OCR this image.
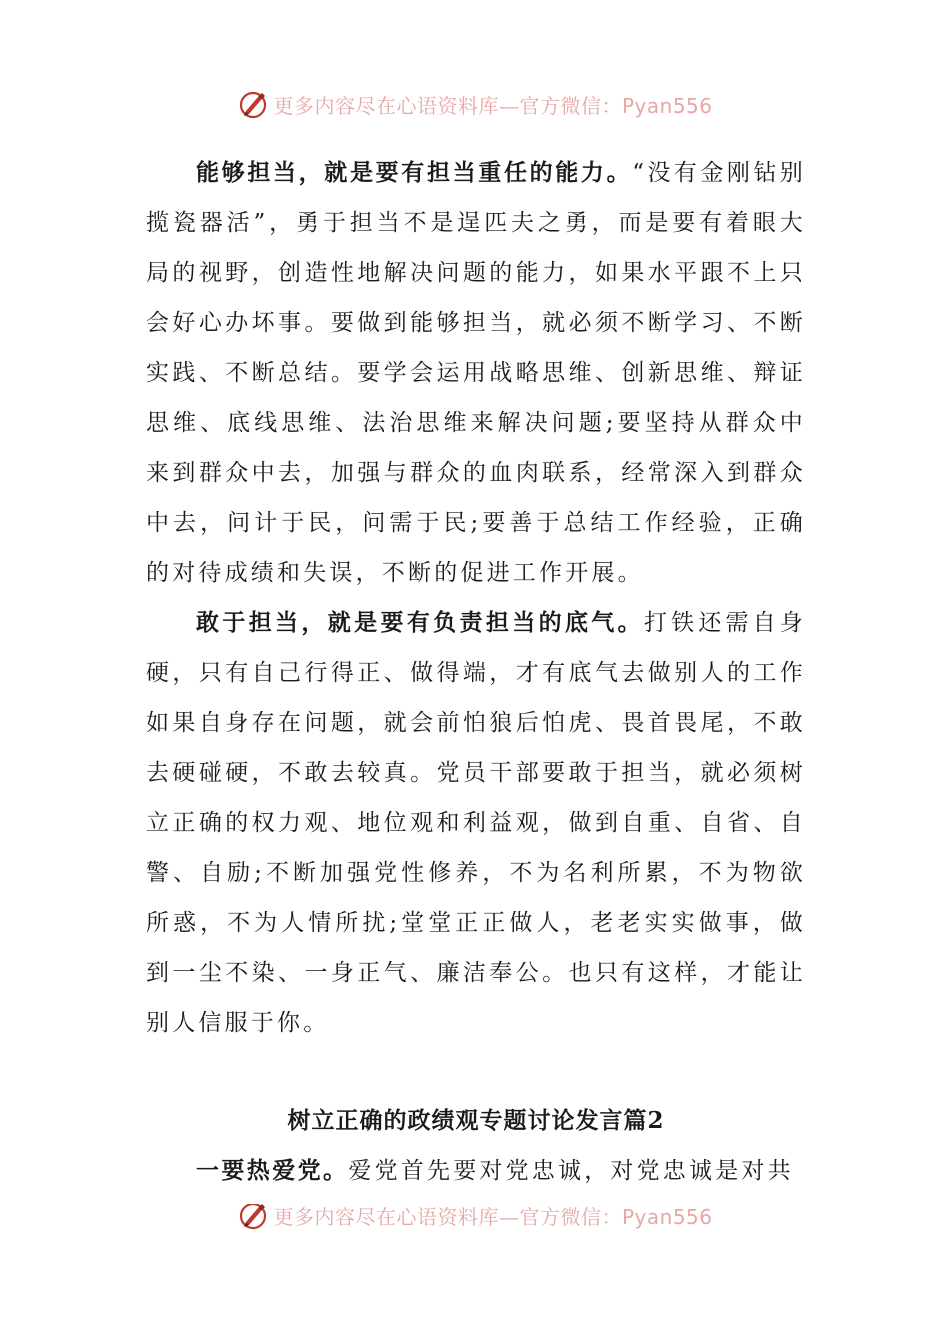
更多内容尽在心语资料库—官方微信：Pyan556

能够担当，就是要有担当重任的能力。“没有金刚钻别揽瓷器活”，勇于担当不是逞匹夫之勇，而是要有着眼大局的视野，创造性地解决问题的能力，如果水平跟不上只会好心办坏事。要做到能够担当，就必须不断学习、不断实践、不断总结。要学会运用战略思维、创新思维、辩证思维、底线思维、法治思维来解决问题;要坚持从群众中来到群众中去，加强与群众的血肉联系，经常深入到群众中去，问计于民，问需于民;要善于总结工作经验，正确的对待成绩和失误，不断的促进工作开展。

敢于担当，就是要有负责担当的底气。打铁还需自身硬，只有自己行得正、做得端，才有底气去做别人的工作如果自身存在问题，就会前怕狼后怕虎、畏首畏尾，不敢去硬碰硬，不敢去较真。党员干部要敢于担当，就必须树立正确的权力观、地位观和利益观，做到自重、自省、自警、自励;不断加强党性修养，不为名利所累，不为物欲所惑，不为人情所扰;堂堂正正做人，老老实实做事，做到一尘不染、一身正气、廉洁奉公。也只有这样，才能让别人信服于你。

树立正确的政绩观专题讨论发言篇2

一要热爱党。爱党首先要对党忠诚，对党忠诚是对共

更多内容尽在心语资料库—官方微信：Pyan556
